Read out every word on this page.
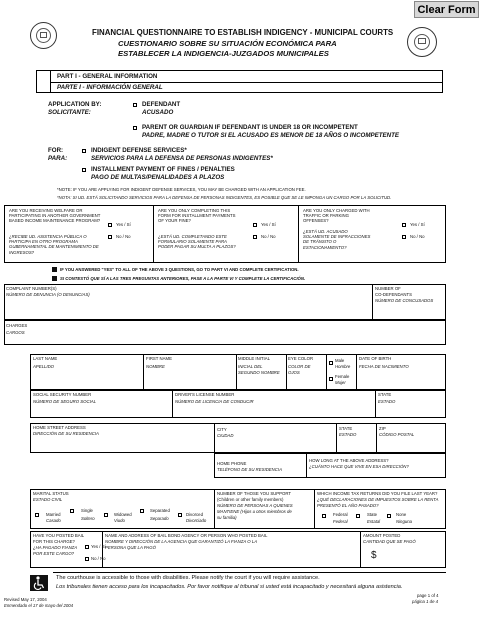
Clear Form
FINANCIAL QUESTIONNAIRE TO ESTABLISH INDIGENCY - MUNICIPAL COURTS
CUESTIONARIO SOBRE SU SITUACIÓN ECONÓMICA PARA
ESTABLECER LA INDIGENCIA-JUZGADOS MUNICIPALES
PART I - GENERAL INFORMATION
PARTE I - INFORMACIÓN GENERAL
APPLICATION BY:
SOLICITANTE:
DEFENDANT
ACUSADO
PARENT OR GUARDIAN IF DEFENDANT IS UNDER 18 OR INCOMPETENT
PADRE, MADRE O TUTOR SI EL ACUSADO ES MENOR DE 18 AÑOS O INCOMPETENTE
FOR:
PARA:
INDIGENT DEFENSE SERVICES*
SERVICIOS PARA LA DEFENSA DE PERSONAS INDIGENTES*
INSTALLMENT PAYMENT OF FINES / PENALTIES
PAGO DE MULTAS/PENALIDADES A PLAZOS
*NOTE: IF YOU ARE APPLYING FOR INDIGENT DEFENSE SERVICES, YOU MAY BE CHARGED WITH AN APPLICATION FEE.
*NOTA: SI UD. ESTÁ SOLICITANDO SERVICIOS PARA LA DEFENSA DE PERSONAS INDIGENTES, ES POSIBLE QUE SE LE IMPONGA UN CARGO POR LA SOLICITUD.
ARE YOU RECEIVING WELFARE OR PARTICIPATING IN ANOTHER GOVERNMENT BASED INCOME MAINTENANCE PROGRAM?
¿RECIBE UD. ASISTENCIA PÚBLICA O PARTICIPA EN OTRO PROGRAMA GUBERNAMENTAL DE MANTENIMIENTO DE INGRESOS?
Yes / Sí
No / No
ARE YOU ONLY COMPLETING THIS FORM FOR INSTALLMENT PAYMENTS OF YOUR FINE?
¿ESTÁ UD. COMPLETANDO ESTE FORMULARIO SOLAMENTE PARA PODER PAGAR SU MULTA A PLAZOS?
Yes / Sí
No / No
ARE YOU ONLY CHARGED WITH TRAFFIC OR PARKING OFFENSES?
¿ESTÁ UD. ACUSADO SOLAMENTE DE INFRACCIONES DE TRÁNSITO O ESTACIONAMIENTO?
Yes / Sí
No / No
IF YOU ANSWERED "YES" TO ALL OF THE ABOVE 3 QUESTIONS, GO TO PART VI AND COMPLETE CERTIFICATION.
SI CONTESTÓ QUE SÍ A LAS TRES PREGUNTAS ANTERIORES, PASE A LA PARTE VI Y COMPLETE LA CERTIFICACIÓN.
COMPLAINT NUMBER(S)
NÚMERO DE DENUNCIA (O DENUNCIAS)
NUMBER OF
CO-DEFENDANTS
NÚMERO DE CONCUSADOS
CHARGES
CARGOS
LAST NAME
APELLIDO
FIRST NAME
NOMBRE
MIDDLE INITIAL
INICIAL DEL
SEGUNDO NOMBRE
EYE COLOR
COLOR DE
OJOS
Male
Hombre
Female
Mujer
DATE OF BIRTH
FECHA DE NACIMIENTO
SOCIAL SECURITY NUMBER
NÚMERO DE SEGURO SOCIAL
DRIVER'S LICENSE NUMBER
NÚMERO DE LICENCIA DE CONDUCIR
STATE
ESTADO
HOME STREET ADDRESS
DIRECCIÓN DE SU RESIDENCIA
CITY
CIUDAD
STATE
ESTADO
ZIP
CÓDIGO POSTAL
HOME PHONE
TELÉFONO DE SU RESIDENCIA
HOW LONG AT THE ABOVE ADDRESS?
¿CUÁNTO HACE QUE VIVE EN ESA DIRECCIÓN?
MARITAL STATUS
ESTADO CIVIL
Married
Casado
Single
Soltero
Widowed
Viudo
Separated
Separado
Divorced
Divorciado
NUMBER OF THOSE YOU SUPPORT
(Children or other family members)
NÚMERO DE PERSONAS A QUIENES
MANTIENE (Hijos u otros miembros de
su familia)
WHICH INCOME TAX RETURNS DID YOU FILE LAST YEAR?
¿QUÉ DECLARACIONES DE IMPUESTOS SOBRE LA RENTA
PRESENTÓ EL AÑO PASADO?
Federal
Federal
State
Estatal
None
Ninguna
HAVE YOU POSTED BAIL
FOR THIS CHARGE?
¿HA PAGADO FIANZA
POR ESTE CARGO?
Yes / Sí
No / No
NAME AND ADDRESS OF BAIL BOND AGENCY OR PERSON WHO POSTED BAIL
NOMBRE Y DIRECCIÓN DE LA AGENCIA QUE GARANTIZÓ LA FIANZA O LA
PERSONA QUE LA PAGÓ
AMOUNT POSTED
CANTIDAD QUE SE PAGÓ
$
The courthouse is accessible to those with disabilities. Please notify the court if you will require assistance.
Los tribunales tienen acceso para los incapacitados. Por favor notifique al tribunal si usted está incapacitado y necesitará alguna asistencia.
Revised May 17, 2004
Enmendado el 17 de mayo del 2004
page 1 of 4
página 1 de 4
